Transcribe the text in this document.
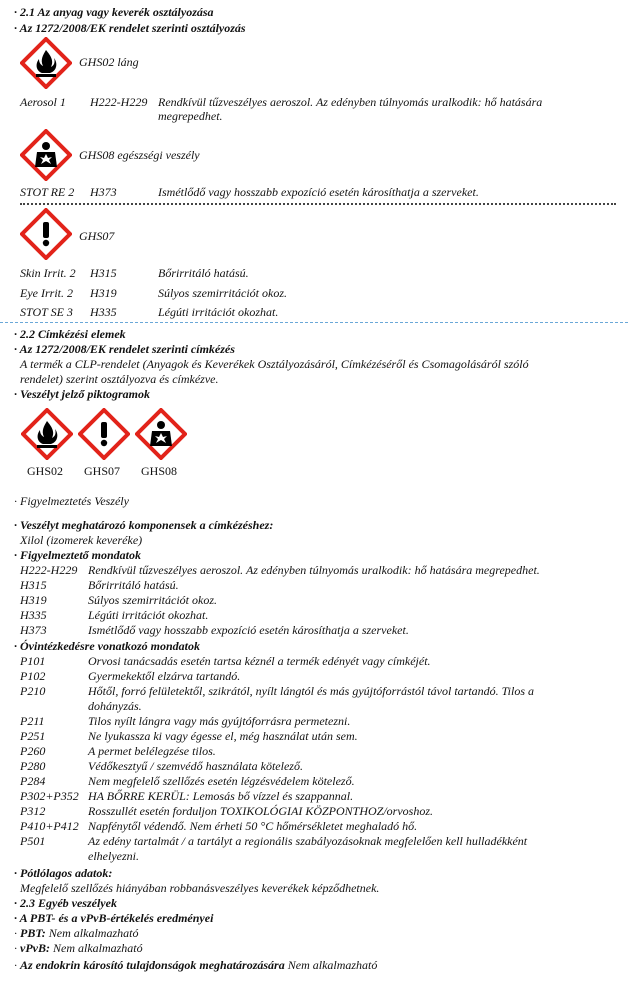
· 2.1 Az anyag vagy keverék osztályozása
· Az 1272/2008/EK rendelet szerinti osztályozás
GHS02 láng
Aerosol 1 H222-H229 Rendkívül tűzveszélyes aeroszol. Az edényben túlnyomás uralkodik: hő hatására
megrepedhet.
GHS08 egészségi veszély
STOT RE 2 H373	Ismétlődő vagy hosszabb expozíció esetén károsíthatja a szerveket.
GHS07
Skin Irrit. 2 H315	Bőrirritáló hatású.
Eye Irrit. 2 H319	Súlyos szemirritációt okoz.
STOT SE 3 H335	Légúti irritációt okozhat.
· 2.2 Címkézési elemek
· Az 1272/2008/EK rendelet szerinti címkézés
A termék a CLP-rendelet (Anyagok és Keverékek Osztályozásáról, Címkézéséről és Csomagolásáról szóló
rendelet) szerint osztályozva és címkézve.
· Veszélyt jelző piktogramok
GHS02 GHS07 GHS08
· Figyelmeztetés Veszély
· Veszélyt meghatározó komponensek a címkézéshez:
Xilol (izomerek keveréke)
· Figyelmeztető mondatok
H222-H229 Rendkívül tűzveszélyes aeroszol. Az edényben túlnyomás uralkodik: hő hatására megrepedhet.
H315	Bőrirritáló hatású.
H319	Súlyos szemirritációt okoz.
H335	Légúti irritációt okozhat.
H373	Ismétlődő vagy hosszabb expozíció esetén károsíthatja a szerveket.
· Óvintézkedésre vonatkozó mondatok
P101	Orvosi tanácsadás esetén tartsa kéznél a termék edényét vagy címkéjét.
P102	Gyermekektől elzárva tartandó.
P210	Hőtől, forró felületektől, szikrától, nyílt lángtól és más gyújtóforrástól távol tartandó. Tilos a
dohányzás.
P211	Tilos nyílt lángra vagy más gyújtóforrásra permetezni.
P251	Ne lyukassza ki vagy égesse el, még használat után sem.
P260	A permet belélegzése tilos.
P280	Védőkesztyű / szemvédő használata kötelező.
P284	Nem megfelelő szellőzés esetén légzésvédelem kötelező.
P302+P352 HA BŐRRE KERÜL: Lemosás bő vízzel és szappannal.
P312	Rosszullét esetén forduljon TOXIKOLÓGIAI KÖZPONTHOZ/orvoshoz.
P410+P412 Napfénytől védendő. Nem érheti 50 °C hőmérsékletet meghaladó hő.
P501	Az edény tartalmát / a tartályt a regionális szabályozásoknak megfelelően kell hulladékként
elhelyezni.
· Pótlólagos adatok:
Megfelelő szellőzés hiányában robbanásveszélyes keverékek képződhetnek.
· 2.3 Egyéb veszélyek
· A PBT- és a vPvB-értékelés eredményei
· PBT: Nem alkalmazható
· vPvB: Nem alkalmazható
· Az endokrin károsító tulajdonságok meghatározására Nem alkalmazható
